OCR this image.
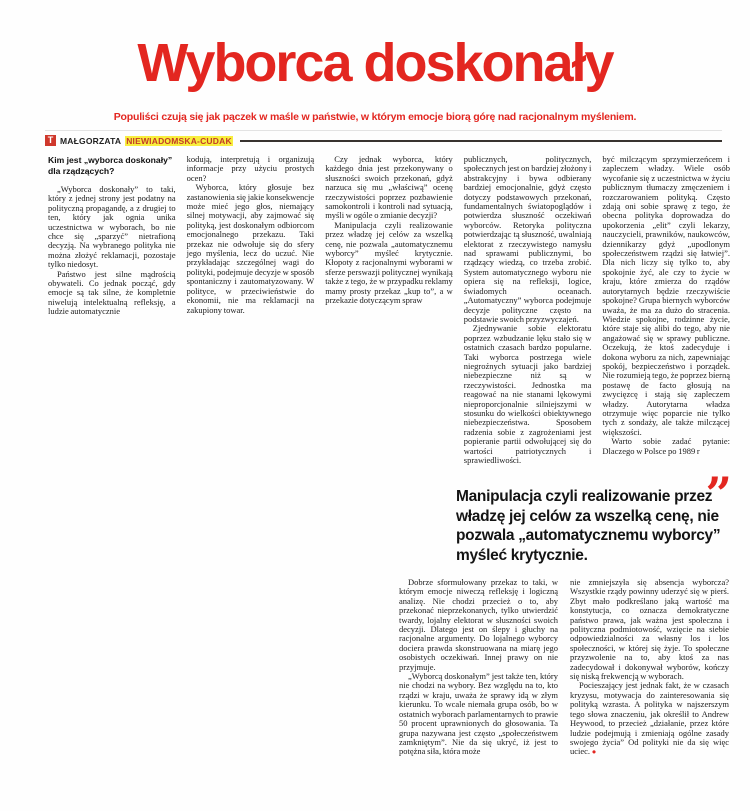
Wyborca doskonały

Populiści czują się jak pączek w maśle w państwie, w którym emocje biorą górę nad racjonalnym myśleniem.

T MAŁGORZATA NIEWIADOMSKA-CUDAK
Kim jest „wyborca doskonały” dla rządzących?

„Wyborca doskonały” to taki, który z jednej strony jest podatny na polityczną propagandę, a z drugiej to ten, który jak ognia unika uczestnictwa w wyborach, bo nie chce się „sparzyć” nietrafioną decyzją. Na wybranego polityka nie można złożyć reklamacji, pozostaje tylko niedosyt.

Państwo jest silne mądrością obywateli. Co jednak począć, gdy emocje są tak silne, że kompletnie niwelują intelektualną refleksję, a ludzie automatycznie

kodują, interpretują i organizują informacje przy użyciu prostych ocen?

Wyborca, który głosuje bez zastanowienia się jakie konsekwencje może mieć jego głos, niemający silnej motywacji, aby zajmować się polityką, jest doskonałym odbiorcom emocjonalnego przekazu. Taki przekaz nie odwołuje się do sfery jego myślenia, lecz do uczuć. Nie przykładając szczególnej wagi do polityki, podejmuje decyzje w sposób spontaniczny i zautomatyzowany. W polityce, w przeciwieństwie do ekonomii, nie ma reklamacji na zakupiony towar.

Czy jednak wyborca, który każdego dnia jest przekonywany o słuszności swoich przekonań, gdyż narzuca się mu „właściwą” ocenę rzeczywistości poprzez pozbawienie samokontroli i kontroli nad sytuacją, myśli w ogóle o zmianie decyzji?

Manipulacja czyli realizowanie przez władzę jej celów za wszelką cenę, nie pozwala „automatycznemu wyborcy” myśleć krytycznie. Kłopoty z racjonalnymi wyborami w sferze perswazji politycznej wynikają także z tego, że w przypadku reklamy mamy prosty przekaz „kup to”, a w przekazie dotyczącym spraw

publicznych, politycznych, społecznych jest on bardziej złożony i abstrakcyjny i bywa odbierany bardziej emocjonalnie, gdyż często dotyczy podstawowych przekonań, fundamentalnych światopoglądów i potwierdza słuszność oczekiwań wyborców. Retoryka polityczna potwierdzając tą słuszność, uwalniają elektorat z rzeczywistego namysłu nad sprawami publicznymi, bo rządzący wiedzą, co trzeba zrobić. System automatycznego wyboru nie opiera się na refleksji, logice, świadomych oceanach. „Automatyczny” wyborca podejmuje decyzje polityczne często na podstawie swoich przyzwyczajeń.

Zjednywanie sobie elektoratu poprzez wzbudzanie lęku stało się w ostatnich czasach bardzo popularne. Taki wyborca postrzega wiele niegroźnych sytuacji jako bardziej niebezpieczne niż są w rzeczywistości. Jednostka ma reagować na nie stanami lękowymi nieproporcjonalnie silniejszymi w stosunku do wielkości obiektywnego niebezpieczeństwa. Sposobem radzenia sobie z zagrożeniami jest popieranie partii odwołującej się do wartości patriotycznych i sprawiedliwości.

być milczącym sprzymierzeńcem i zapleczem władzy. Wiele osób wycofanie się z uczestnictwa w życiu publicznym tłumaczy zmęczeniem i rozczarowaniem polityką. Często zdają oni sobie sprawę z tego, że obecna polityka doprowadza do upokorzenia „elit” czyli lekarzy, nauczycieli, prawników, naukowców, dziennikarzy gdyż „upodlonym społeczeństwem rządzi się łatwiej”. Dla nich liczy się tylko to, aby spokojnie żyć, ale czy to życie w kraju, które zmierza do rządów autorytarnych będzie rzeczywiście spokojne? Grupa biernych wyborców uważa, że ma za dużo do stracenia. Wiedzie spokojne, rodzinne życie, które staje się alibi do tego, aby nie angażować się w sprawy publiczne. Oczekują, że ktoś zadecyduje i dokona wyboru za nich, zapewniając spokój, bezpieczeństwo i porządek. Nie rozumieją tego, że poprzez bierną postawę de facto głosują na zwycięzcę i stają się zapleczem władzy. Autorytarna władza otrzymuje więc poparcie nie tylko tych z sondaży, ale także milczącej większości.

Warto sobie zadać pytanie: Dlaczego w Polsce po 1989 r

”

Manipulacja czyli realizowanie przez władzę jej celów za wszelką cenę, nie pozwala „automatycznemu wyborcy” myśleć krytycznie.

Dobrze sformułowany przekaz to taki, w którym emocje niweczą refleksję i logiczną analizę. Nie chodzi przecież o to, aby przekonać nieprzekonanych, tylko utwierdzić twardy, lojalny elektorat w słuszności swoich decyzji. Dlatego jest on ślepy i głuchy na racjonalne argumenty. Do lojalnego wyborcy dociera prawda skonstruowana na miarę jego osobistych oczekiwań. Innej prawy on nie przyjmuje.

„Wyborcą doskonałym” jest także ten, który nie chodzi na wybory. Bez względu na to, kto rządzi w kraju, uważa że sprawy idą w złym kierunku. To wcale niemała grupa osób, bo w ostatnich wyborach parlamentarnych to prawie 50 procent uprawnionych do głosowania. Ta grupa nazywana jest często „społeczeństwem zamkniętym”. Nie da się ukryć, iż jest to potężna siła, która może

nie zmniejszyła się absencja wyborcza? Wszystkie rządy powinny uderzyć się w pierś. Zbyt mało podkreślano jaką wartość ma konstytucja, co oznacza demokratyczne państwo prawa, jak ważna jest społeczna i polityczna podmiotowość, wzięcie na siebie odpowiedzialności za własny los i los społeczności, w której się żyje. To społeczne przyzwolenie na to, aby ktoś za nas zadecydował i dokonywał wyborów, kończy się niską frekwencją w wyborach.

Pocieszający jest jednak fakt, że w czasach kryzysu, motywacja do zainteresowania się polityką wzrasta. A polityka w najszerszym tego słowa znaczeniu, jak określił to Andrew Heywood, to przecież „działanie, przez które ludzie podejmują i zmieniają ogólne zasady swojego życia” Od polityki nie da się więc uciec. ●
